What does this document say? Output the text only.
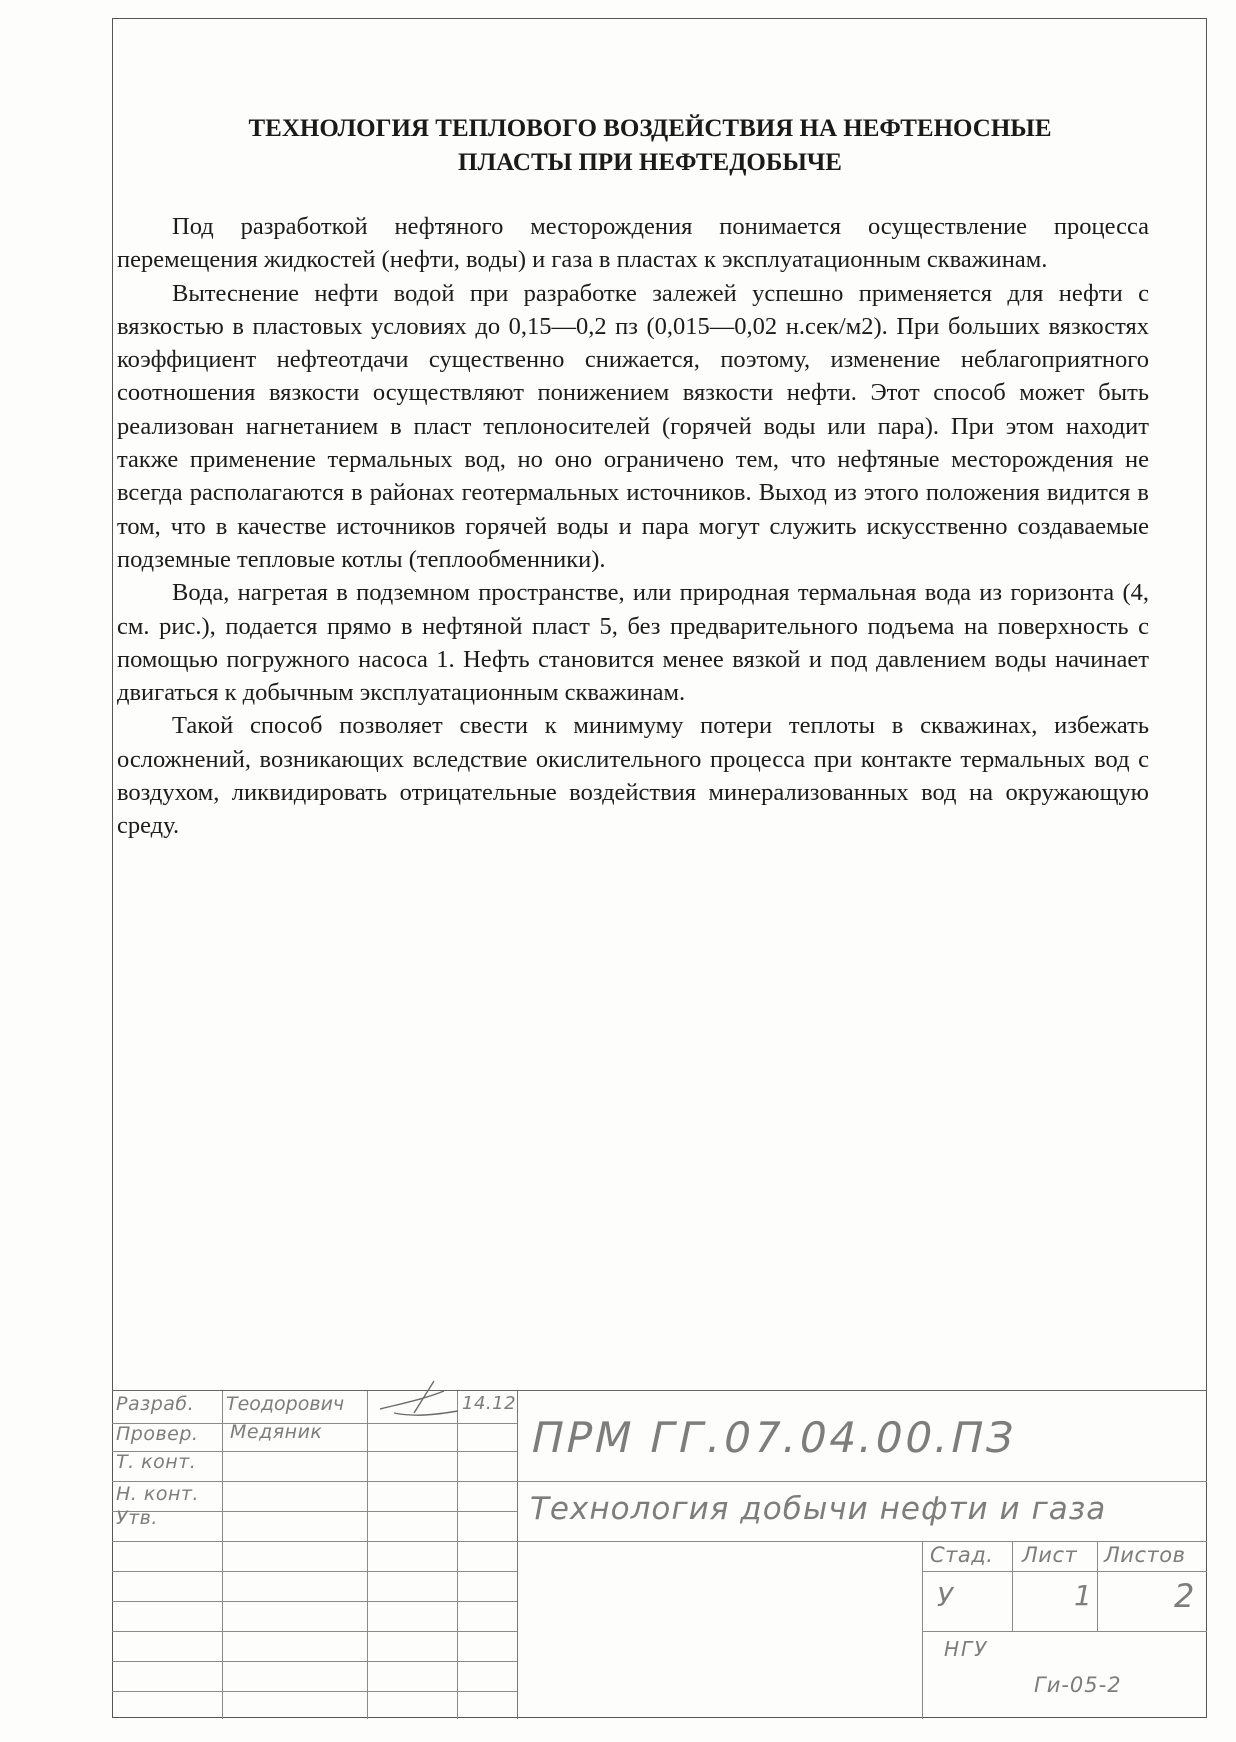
ТЕХНОЛОГИЯ ТЕПЛОВОГО ВОЗДЕЙСТВИЯ НА НЕФТЕНОСНЫЕ
ПЛАСТЫ ПРИ НЕФТЕДОБЫЧЕ

Под разработкой нефтяного месторождения понимается осуществление процесса перемещения жидкостей (нефти, воды) и газа в пластах к эксплуатационным скважинам.

Вытеснение нефти водой при разработке залежей успешно применяется для нефти с вязкостью в пластовых условиях до 0,15—0,2 пз (0,015—0,02 н.сек/м2). При больших вязкостях коэффициент нефтеотдачи существенно снижается, поэтому, изменение неблагоприятного соотношения вязкости осуществляют понижением вязкости нефти. Этот способ может быть реализован нагнетанием в пласт теплоносителей (горячей воды или пара). При этом находит также применение термальных вод, но оно ограничено тем, что нефтяные месторождения не всегда располагаются в районах геотермальных источников. Выход из этого положения видится в том, что в качестве источников горячей воды и пара могут служить искусственно создаваемые подземные тепловые котлы (теплообменники).

Вода, нагретая в подземном пространстве, или природная термальная вода из горизонта (4, см. рис.), подается прямо в нефтяной пласт 5, без предварительного подъема на поверхность с помощью погружного насоса 1. Нефть становится менее вязкой и под давлением воды начинает двигаться к добычным эксплуатационным скважинам.

Такой способ позволяет свести к минимуму потери теплоты в скважинах, избежать осложнений, возникающих вследствие окислительного процесса при контакте термальных вод с воздухом, ликвидировать отрицательные воздействия минерализованных вод на окружающую среду.

Разраб.
Провер.
Т. конт.
Н. конт.
Утв.
Теодорович
Медяник
14.12
ПРМ ГГ.07.04.00.ПЗ
Технология добычи нефти и газа
Стад. Лист Листов
У	1	2
НГУ
Ги-05-2
